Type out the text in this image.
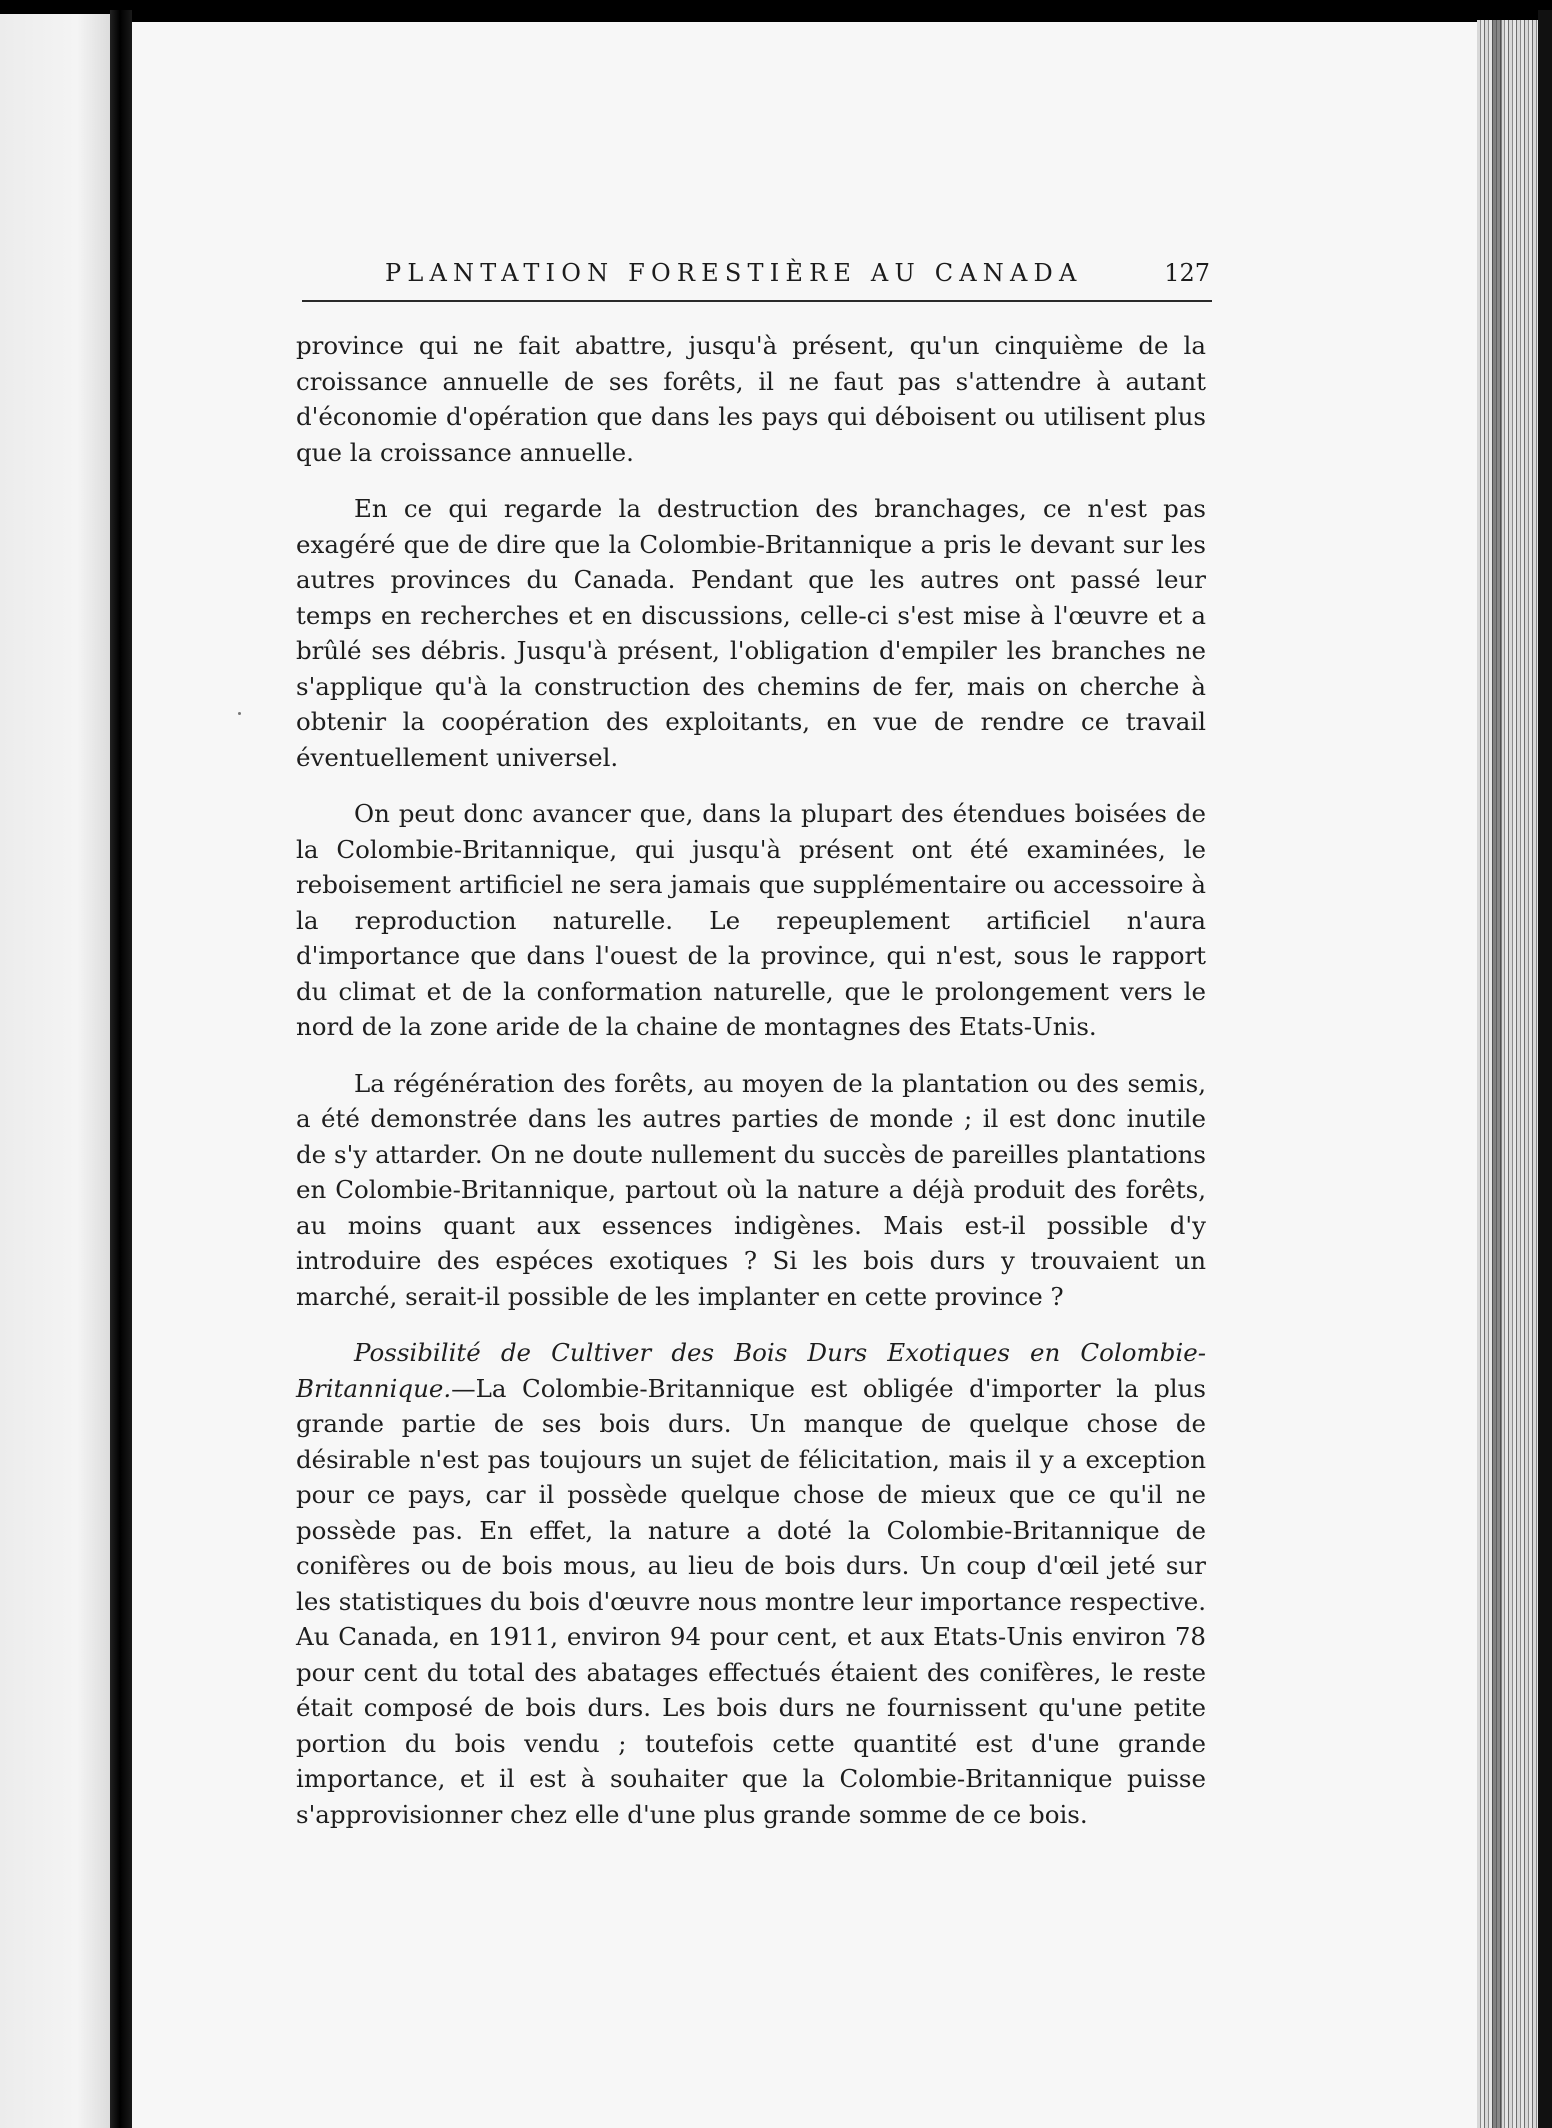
PLANTATION FORESTIÈRE AU CANADA	127

province qui ne fait abattre, jusqu'à présent, qu'un cinquième de la croissance annuelle de ses forêts, il ne faut pas s'attendre à autant d'économie d'opération que dans les pays qui déboisent ou utilisent plus que la croissance annuelle.

En ce qui regarde la destruction des branchages, ce n'est pas exagéré que de dire que la Colombie-Britannique a pris le devant sur les autres provinces du Canada. Pendant que les autres ont passé leur temps en recherches et en discussions, celle-ci s'est mise à l'œuvre et a brûlé ses débris. Jusqu'à présent, l'obligation d'empiler les branches ne s'applique qu'à la construction des chemins de fer, mais on cherche à obtenir la coopération des exploitants, en vue de rendre ce travail éventuellement universel.

On peut donc avancer que, dans la plupart des étendues boisées de la Colombie-Britannique, qui jusqu'à présent ont été examinées, le reboisement artificiel ne sera jamais que supplémentaire ou accessoire à la reproduction naturelle. Le repeuplement artificiel n'aura d'importance que dans l'ouest de la province, qui n'est, sous le rapport du climat et de la conformation naturelle, que le prolongement vers le nord de la zone aride de la chaine de montagnes des Etats-Unis.

La régénération des forêts, au moyen de la plantation ou des semis, a été demonstrée dans les autres parties de monde ; il est donc inutile de s'y attarder. On ne doute nullement du succès de pareilles plantations en Colombie-Britannique, partout où la nature a déjà produit des forêts, au moins quant aux essences indigènes. Mais est-il possible d'y introduire des espéces exotiques ? Si les bois durs y trouvaient un marché, serait-il possible de les implanter en cette province ?

Possibilité de Cultiver des Bois Durs Exotiques en Colombie-Britannique.—La Colombie-Britannique est obligée d'importer la plus grande partie de ses bois durs. Un manque de quelque chose de désirable n'est pas toujours un sujet de félicitation, mais il y a exception pour ce pays, car il possède quelque chose de mieux que ce qu'il ne possède pas. En effet, la nature a doté la Colombie-Britannique de conifères ou de bois mous, au lieu de bois durs. Un coup d'œil jeté sur les statistiques du bois d'œuvre nous montre leur importance respective. Au Canada, en 1911, environ 94 pour cent, et aux Etats-Unis environ 78 pour cent du total des abatages effectués étaient des conifères, le reste était composé de bois durs. Les bois durs ne fournissent qu'une petite portion du bois vendu ; toutefois cette quantité est d'une grande importance, et il est à souhaiter que la Colombie-Britannique puisse s'approvisionner chez elle d'une plus grande somme de ce bois.
